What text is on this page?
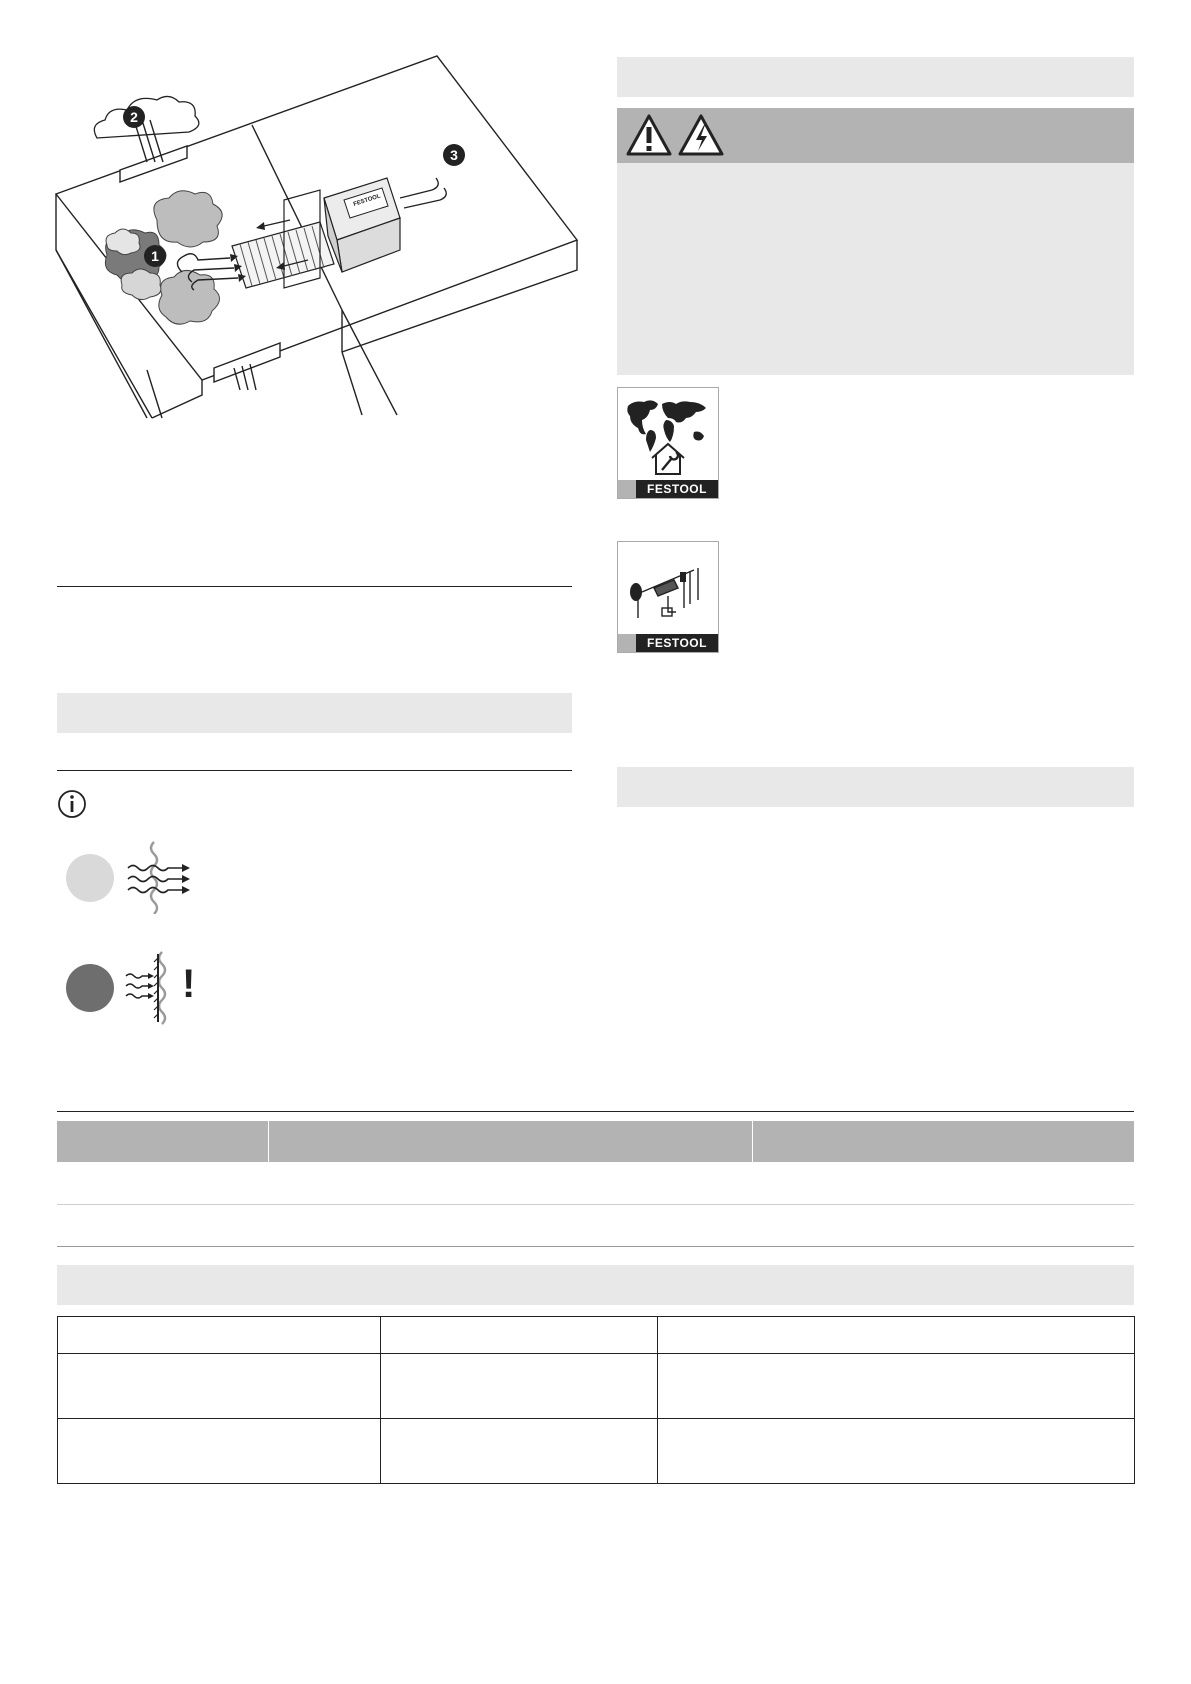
FESTOOL
1
2
3
!
FESTOOL
FESTOOL
